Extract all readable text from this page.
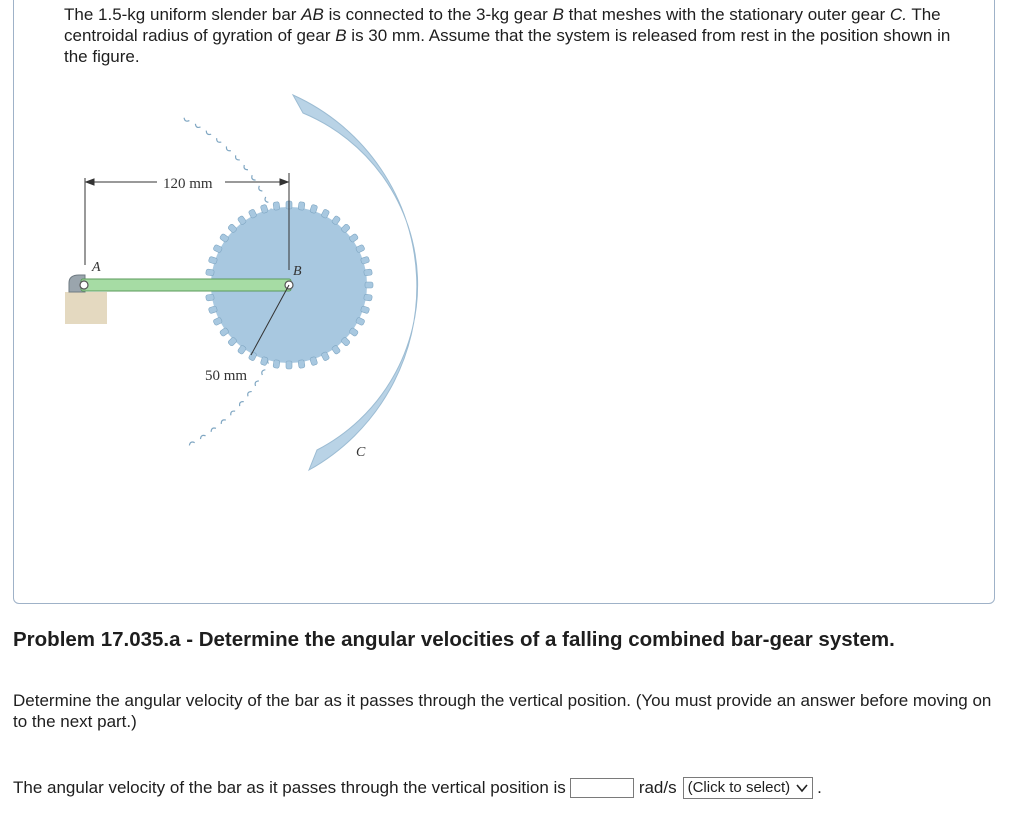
The 1.5-kg uniform slender bar AB is connected to the 3-kg gear B that meshes with the stationary outer gear C. The centroidal radius of gyration of gear B is 30 mm. Assume that the system is released from rest in the position shown in the figure.

120 mm
A	B
50 mm
C
Problem 17.035.a - Determine the angular velocities of a falling combined bar-gear system.

Determine the angular velocity of the bar as it passes through the vertical position. (You must provide an answer before moving on to the next part.)

The angular velocity of the bar as it passes through the vertical position is	rad/s (Click to select) .
